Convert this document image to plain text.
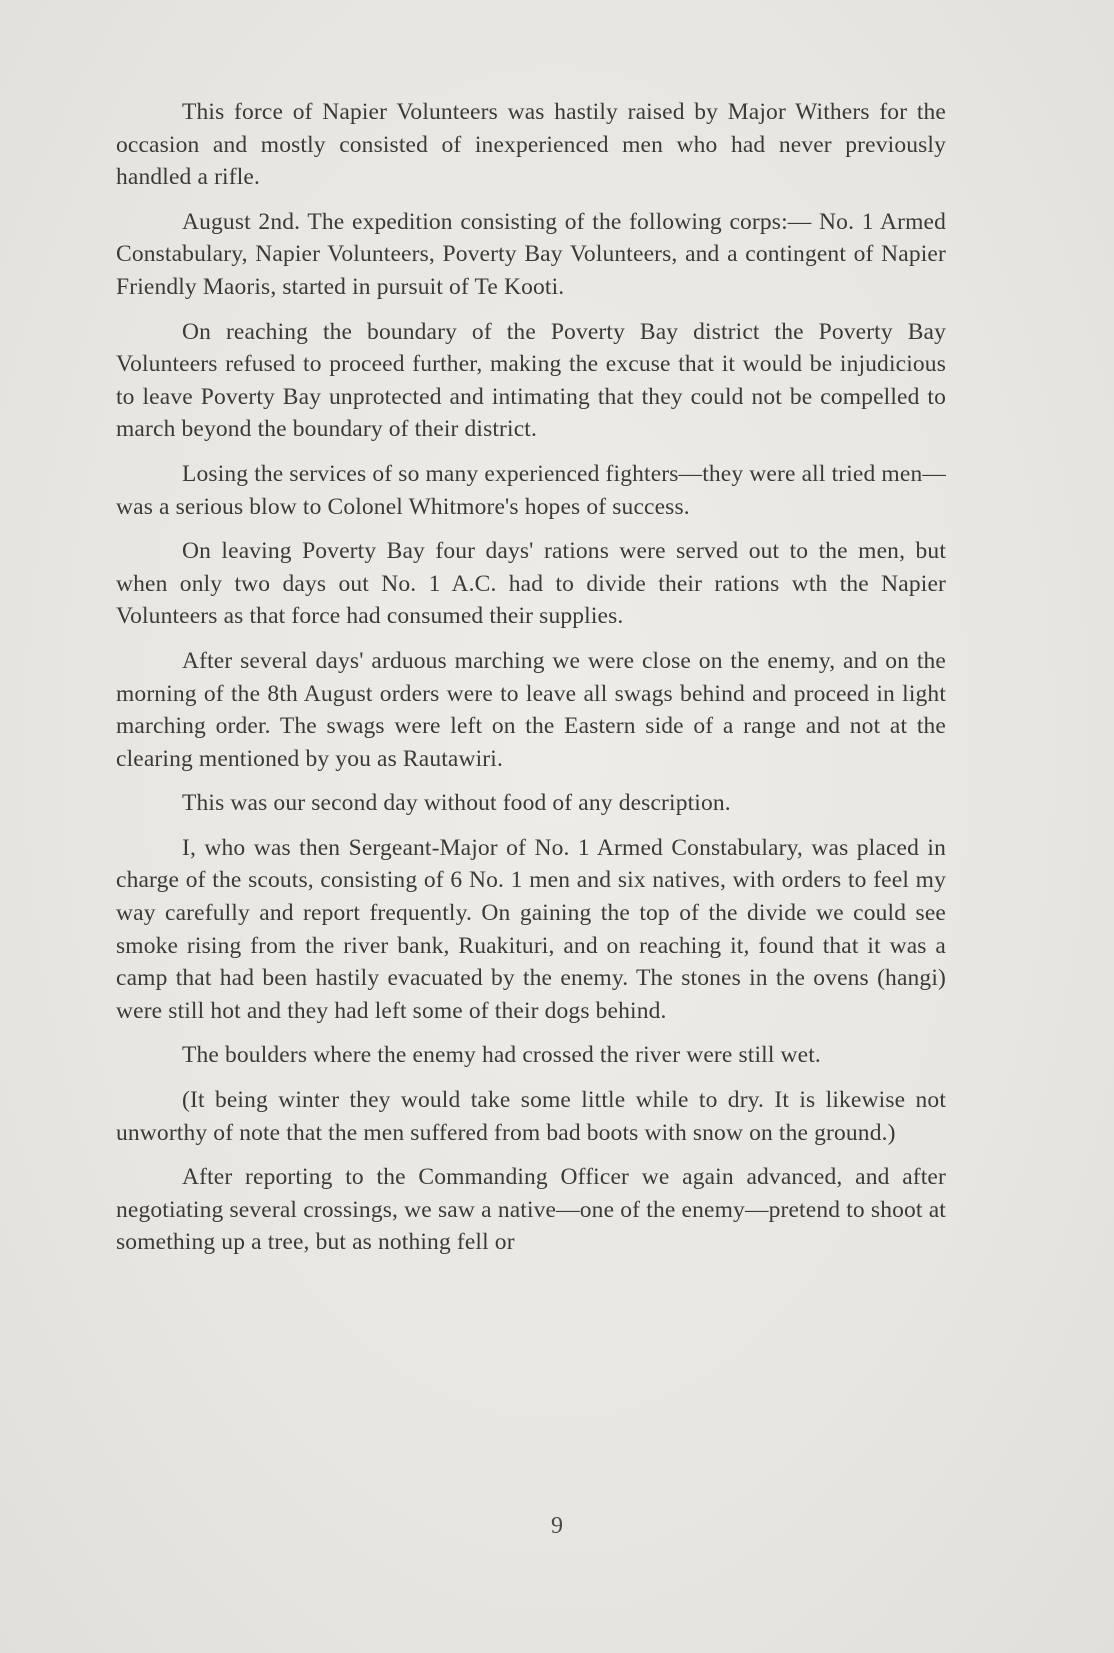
This force of Napier Volunteers was hastily raised by Major Withers for the occasion and mostly consisted of inexperienced men who had never previously handled a rifle.

August 2nd. The expedition consisting of the following corps:— No. 1 Armed Constabulary, Napier Volunteers, Poverty Bay Volunteers, and a contingent of Napier Friendly Maoris, started in pursuit of Te Kooti.

On reaching the boundary of the Poverty Bay district the Poverty Bay Volunteers refused to proceed further, making the excuse that it would be injudicious to leave Poverty Bay unprotected and intimating that they could not be compelled to march beyond the boundary of their district.

Losing the services of so many experienced fighters—they were all tried men—was a serious blow to Colonel Whitmore's hopes of success.

On leaving Poverty Bay four days' rations were served out to the men, but when only two days out No. 1 A.C. had to divide their rations wth the Napier Volunteers as that force had consumed their supplies.

After several days' arduous marching we were close on the enemy, and on the morning of the 8th August orders were to leave all swags behind and proceed in light marching order. The swags were left on the Eastern side of a range and not at the clearing mentioned by you as Rautawiri.

This was our second day without food of any description.

I, who was then Sergeant-Major of No. 1 Armed Constabulary, was placed in charge of the scouts, consisting of 6 No. 1 men and six natives, with orders to feel my way carefully and report frequently. On gaining the top of the divide we could see smoke rising from the river bank, Ruakituri, and on reaching it, found that it was a camp that had been hastily evacuated by the enemy. The stones in the ovens (hangi) were still hot and they had left some of their dogs behind.

The boulders where the enemy had crossed the river were still wet.

(It being winter they would take some little while to dry. It is likewise not unworthy of note that the men suffered from bad boots with snow on the ground.)

After reporting to the Commanding Officer we again advanced, and after negotiating several crossings, we saw a native—one of the enemy—pretend to shoot at something up a tree, but as nothing fell or

9
